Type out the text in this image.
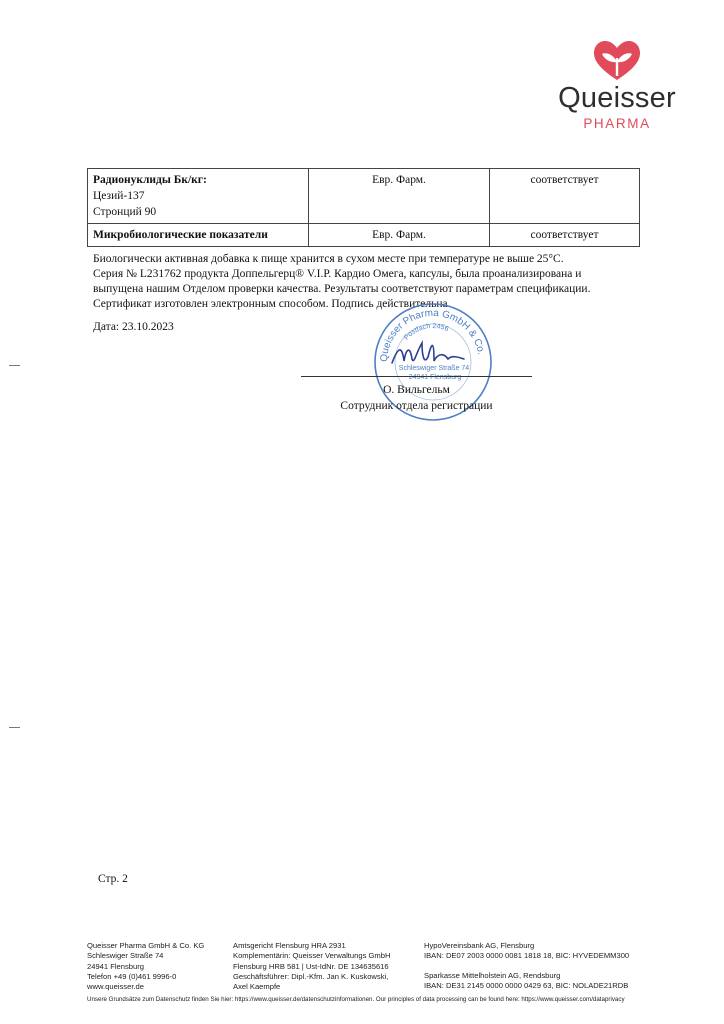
Queisser
PHARMA
Радионуклиды Бк/кг:
Цезий-137
Стронций 90	Евр. Фарм.	соответствует
Микробиологические показатели	Евр. Фарм.	соответствует
Биологически активная добавка к пище хранится в сухом месте при температуре не выше 25°C.
Серия № L231762 продукта Доппельгерц® V.I.P. Кардио Омега, капсулы, была проанализирована и
выпущена нашим Отделом проверки качества. Результаты соответствуют параметрам спецификации.
Сертификат изготовлен электронным способом. Подпись действительна.
Дата: 23.10.2023
Queisser Pharma GmbH & Co.
Postfach 2456
Schleswiger Straße 74
24941 Flensburg
О. Вильгельм
Сотрудник отдела регистрации
Стр. 2
Queisser Pharma GmbH & Co. KG
Schleswiger Straße 74
24941 Flensburg
Telefon +49 (0)461 9996-0
www.queisser.de
Amtsgericht Flensburg HRA 2931
Komplementärin: Queisser Verwaltungs GmbH
Flensburg HRB 581 | Ust-IdNr. DE 134635616
Geschäftsführer: Dipl.-Kfm. Jan K. Kuskowski,
Axel Kaempfe
HypoVereinsbank AG, Flensburg
IBAN: DE07 2003 0000 0081 1818 18, BIC: HYVEDEMM300
Sparkasse Mittelholstein AG, Rendsburg
IBAN: DE31 2145 0000 0000 0429 63, BIC: NOLADE21RDB
Unsere Grundsätze zum Datenschutz finden Sie hier: https://www.queisser.de/datenschutzinformationen. Our principles of data processing can be found here: https://www.queisser.com/dataprivacy
